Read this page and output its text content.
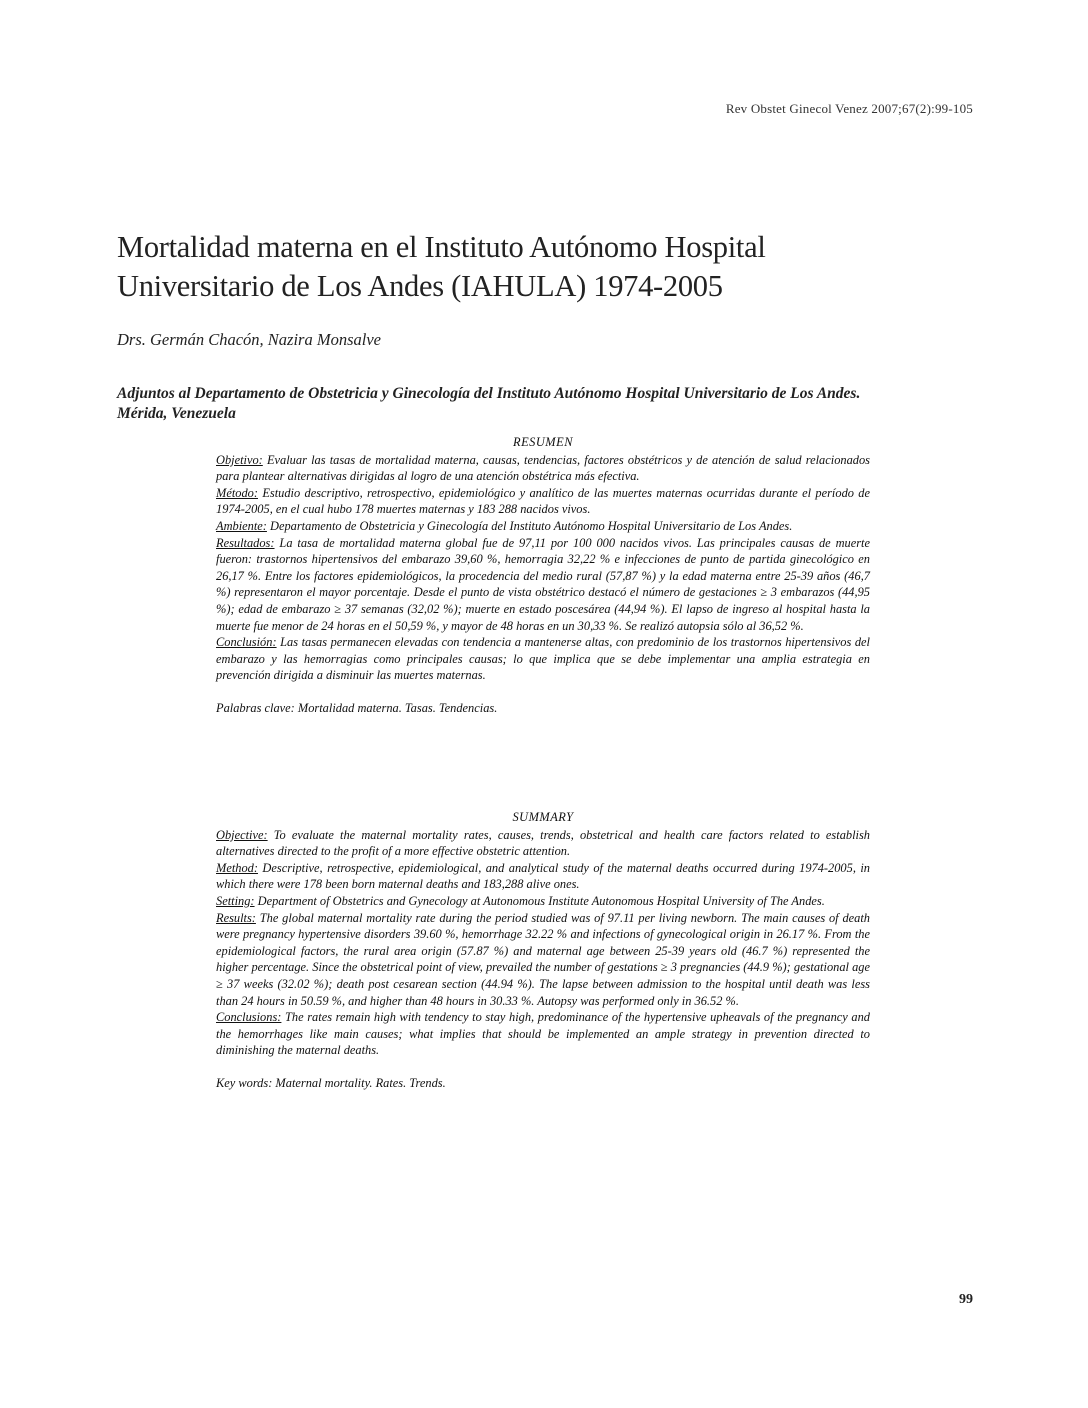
Rev Obstet Ginecol Venez 2007;67(2):99-105
Mortalidad materna en el Instituto Autónomo Hospital
Universitario de Los Andes (IAHULA) 1974-2005
Drs. Germán Chacón, Nazira Monsalve
Adjuntos al Departamento de Obstetricia y Ginecología del Instituto Autónomo Hospital Universitario de Los Andes.
Mérida, Venezuela
RESUMEN

Objetivo: Evaluar las tasas de mortalidad materna, causas, tendencias, factores obstétricos y de atención de salud relacionados para plantear alternativas dirigidas al logro de una atención obstétrica más efectiva.

Método: Estudio descriptivo, retrospectivo, epidemiológico y analítico de las muertes maternas ocurridas durante el período de 1974-2005, en el cual hubo 178 muertes maternas y 183 288 nacidos vivos.

Ambiente: Departamento de Obstetricia y Ginecología del Instituto Autónomo Hospital Universitario de Los Andes.

Resultados: La tasa de mortalidad materna global fue de 97,11 por 100 000 nacidos vivos. Las principales causas de muerte fueron: trastornos hipertensivos del embarazo 39,60 %, hemorragia 32,22 % e infecciones de punto de partida ginecológico en 26,17 %. Entre los factores epidemiológicos, la procedencia del medio rural (57,87 %) y la edad materna entre 25-39 años (46,7 %) representaron el mayor porcentaje. Desde el punto de vista obstétrico destacó el número de gestaciones ≥ 3 embarazos (44,95 %); edad de embarazo ≥ 37 semanas (32,02 %); muerte en estado poscesárea (44,94 %). El lapso de ingreso al hospital hasta la muerte fue menor de 24 horas en el 50,59 %, y mayor de 48 horas en un 30,33 %. Se realizó autopsia sólo al 36,52 %.

Conclusión: Las tasas permanecen elevadas con tendencia a mantenerse altas, con predominio de los trastornos hipertensivos del embarazo y las hemorragias como principales causas; lo que implica que se debe implementar una amplia estrategia en prevención dirigida a disminuir las muertes maternas.

Palabras clave: Mortalidad materna. Tasas. Tendencias.

SUMMARY

Objective: To evaluate the maternal mortality rates, causes, trends, obstetrical and health care factors related to establish alternatives directed to the profit of a more effective obstetric attention.

Method: Descriptive, retrospective, epidemiological, and analytical study of the maternal deaths occurred during 1974-2005, in which there were 178 been born maternal deaths and 183,288 alive ones.

Setting: Department of Obstetrics and Gynecology at Autonomous Institute Autonomous Hospital University of The Andes.

Results: The global maternal mortality rate during the period studied was of 97.11 per living newborn. The main causes of death were pregnancy hypertensive disorders 39.60 %, hemorrhage 32.22 % and infections of gynecological origin in 26.17 %. From the epidemiological factors, the rural area origin (57.87 %) and maternal age between 25-39 years old (46.7 %) represented the higher percentage. Since the obstetrical point of view, prevailed the number of gestations ≥ 3 pregnancies (44.9 %); gestational age ≥ 37 weeks (32.02 %); death post cesarean section (44.94 %). The lapse between admission to the hospital until death was less than 24 hours in 50.59 %, and higher than 48 hours in 30.33 %. Autopsy was performed only in 36.52 %.

Conclusions: The rates remain high with tendency to stay high, predominance of the hypertensive upheavals of the pregnancy and the hemorrhages like main causes; what implies that should be implemented an ample strategy in prevention directed to diminishing the maternal deaths.

Key words: Maternal mortality. Rates. Trends.

99
